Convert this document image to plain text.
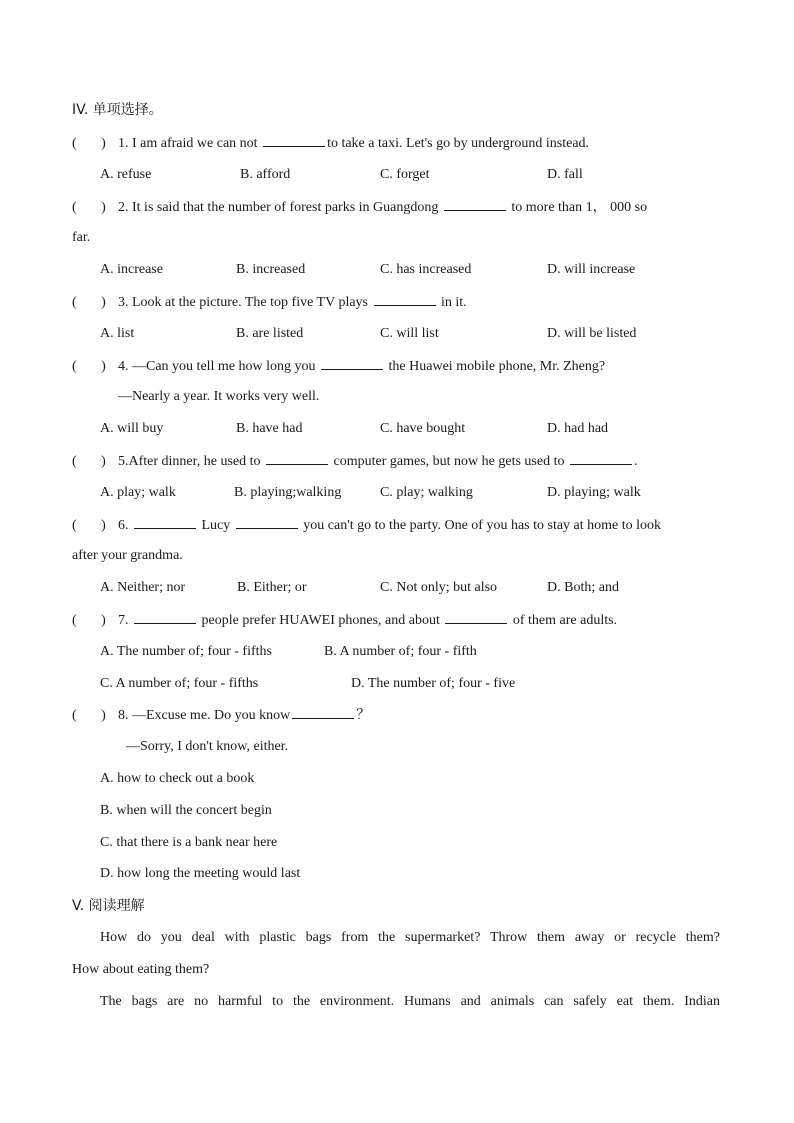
IV. 单项选择。
( ) 1. I am afraid we can not	to take a taxi. Let's go by underground instead.
A. refuse	B. afford	C. forget	D. fall
( ) 2. It is said that the number of forest parks in Guangdong	to more than 1， 000 so
far.
A. increase	B. increased	C. has increased	D. will increase
( ) 3. Look at the picture. The top five TV plays	in it.
A. list	B. are listed	C. will list	D. will be listed
( ) 4. —Can you tell me how long you	the Huawei mobile phone, Mr. Zheng?
—Nearly a year. It works very well.
A. will buy	B. have had	C. have bought	D. had had
( ) 5.After dinner, he used to	computer games, but now he gets used to	.
A. play; walk	B. playing;walking	C. play; walking	D. playing; walk
( ) 6.	Lucy	you can't go to the party. One of you has to stay at home to look
after your grandma.
A. Neither; nor	B. Either; or	C. Not only; but also	D. Both; and
( ) 7.	people prefer HUAWEI phones, and about	of them are adults.
A. The number of; four - fifths	B. A number of; four - fifth
C. A number of; four - fifths	D. The number of; four - five
( ) 8. —Excuse me. Do you know	？
—Sorry, I don't know, either.
A. how to check out a book
B. when will the concert begin
C. that there is a bank near here
D. how long the meeting would last
V. 阅读理解
How do you deal with plastic bags from the supermarket? Throw them away or recycle them?
How about eating them?
The bags are no harmful to the environment. Humans and animals can safely eat them. Indian
